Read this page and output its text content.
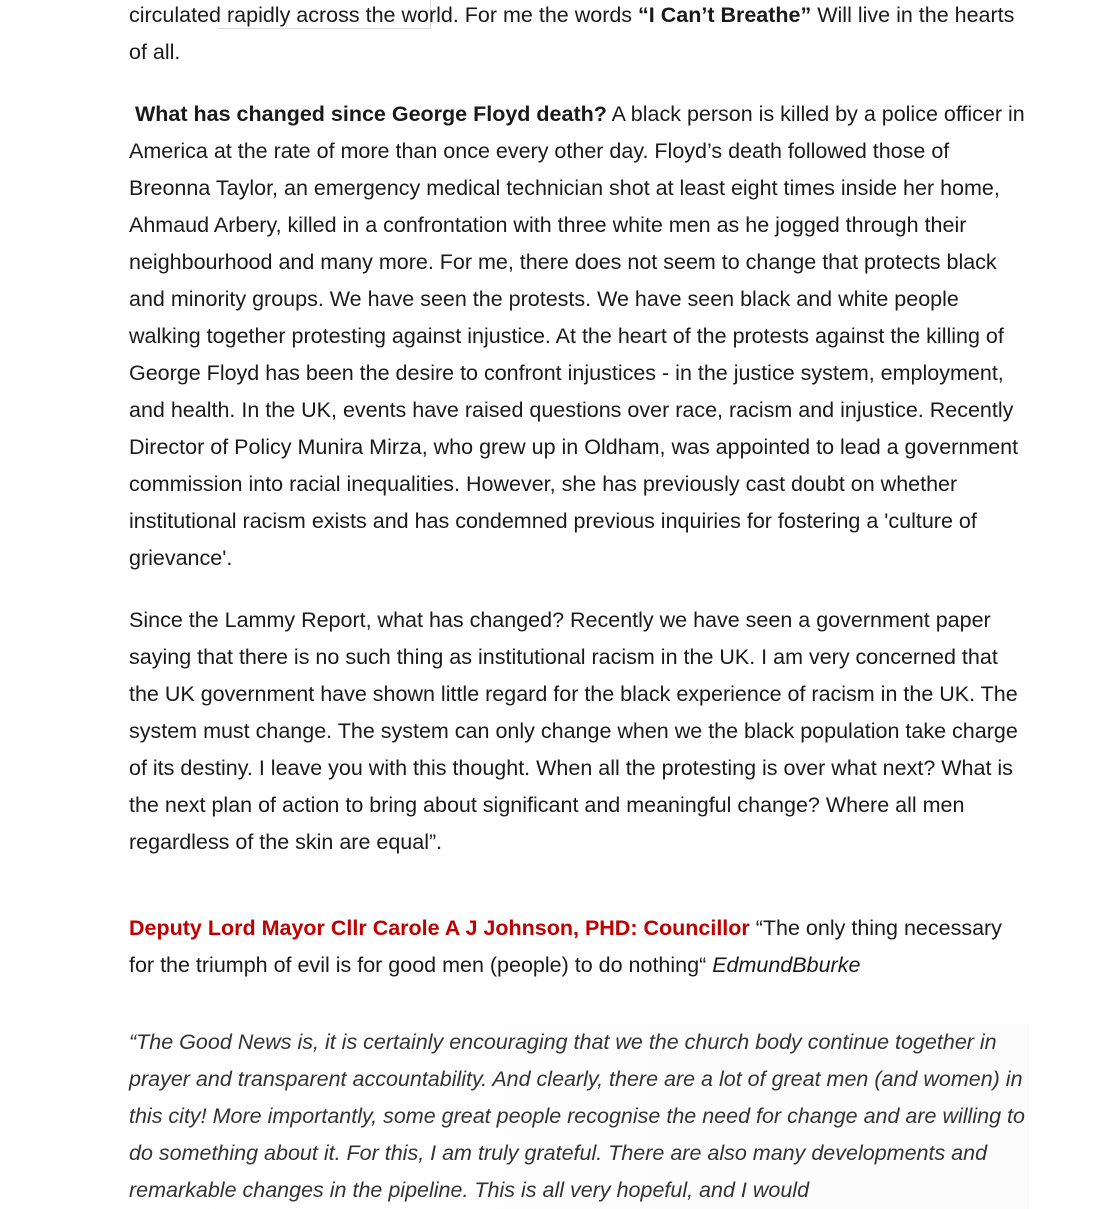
circulated rapidly across the world. For me the words “I Can’t Breathe” Will live in the hearts of all.

What has changed since George Floyd death? A black person is killed by a police officer in America at the rate of more than once every other day. Floyd’s death followed those of Breonna Taylor, an emergency medical technician shot at least eight times inside her home, Ahmaud Arbery, killed in a confrontation with three white men as he jogged through their neighbourhood and many more. For me, there does not seem to change that protects black and minority groups. We have seen the protests. We have seen black and white people walking together protesting against injustice. At the heart of the protests against the killing of George Floyd has been the desire to confront injustices - in the justice system, employment, and health. In the UK, events have raised questions over race, racism and injustice. Recently Director of Policy Munira Mirza, who grew up in Oldham, was appointed to lead a government commission into racial inequalities. However, she has previously cast doubt on whether institutional racism exists and has condemned previous inquiries for fostering a 'culture of grievance'.

Since the Lammy Report, what has changed? Recently we have seen a government paper saying that there is no such thing as institutional racism in the UK. I am very concerned that the UK government have shown little regard for the black experience of racism in the UK. The system must change. The system can only change when we the black population take charge of its destiny. I leave you with this thought. When all the protesting is over what next? What is the next plan of action to bring about significant and meaningful change? Where all men regardless of the skin are equal”.

Deputy Lord Mayor Cllr Carole A J Johnson, PHD: Councillor “The only thing necessary for the triumph of evil is for good men (people) to do nothing“ EdmundBburke

“The Good News is, it is certainly encouraging that we the church body continue together in prayer and transparent accountability. And clearly, there are a lot of great men (and women) in this city! More importantly, some great people recognise the need for change and are willing to do something about it. For this, I am truly grateful. There are also many developments and remarkable changes in the pipeline. This is all very hopeful, and I would
